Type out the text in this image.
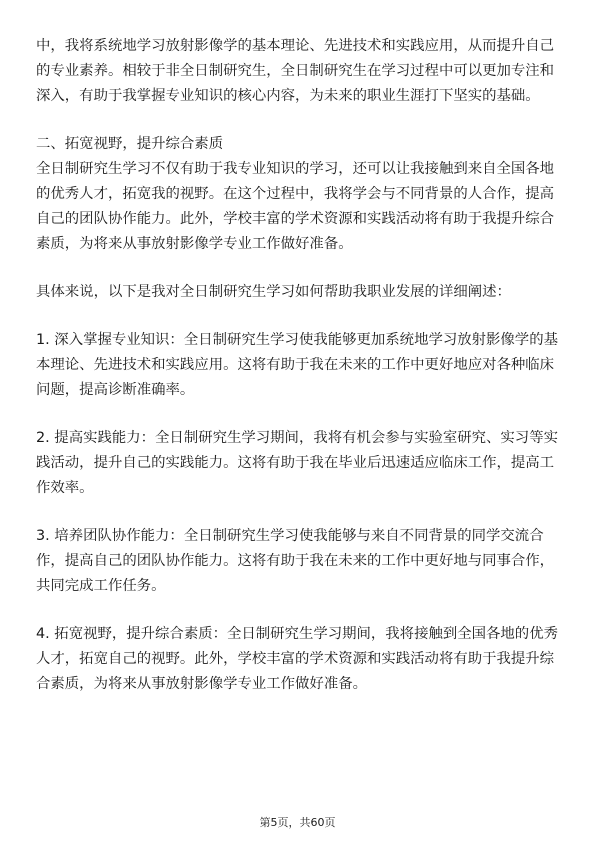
中，我将系统地学习放射影像学的基本理论、先进技术和实践应用，从而提升自己
的专业素养。相较于非全日制研究生，全日制研究生在学习过程中可以更加专注和
深入，有助于我掌握专业知识的核心内容，为未来的职业生涯打下坚实的基础。

二、拓宽视野，提升综合素质

全日制研究生学习不仅有助于我专业知识的学习，还可以让我接触到来自全国各地
的优秀人才，拓宽我的视野。在这个过程中，我将学会与不同背景的人合作，提高
自己的团队协作能力。此外，学校丰富的学术资源和实践活动将有助于我提升综合
素质，为将来从事放射影像学专业工作做好准备。

具体来说，以下是我对全日制研究生学习如何帮助我职业发展的详细阐述：

1. 深入掌握专业知识：全日制研究生学习使我能够更加系统地学习放射影像学的基
本理论、先进技术和实践应用。这将有助于我在未来的工作中更好地应对各种临床
问题，提高诊断准确率。

2. 提高实践能力：全日制研究生学习期间，我将有机会参与实验室研究、实习等实
践活动，提升自己的实践能力。这将有助于我在毕业后迅速适应临床工作，提高工
作效率。

3. 培养团队协作能力：全日制研究生学习使我能够与来自不同背景的同学交流合
作，提高自己的团队协作能力。这将有助于我在未来的工作中更好地与同事合作，
共同完成工作任务。

4. 拓宽视野，提升综合素质：全日制研究生学习期间，我将接触到全国各地的优秀
人才，拓宽自己的视野。此外，学校丰富的学术资源和实践活动将有助于我提升综
合素质，为将来从事放射影像学专业工作做好准备。

第5页，共60页
